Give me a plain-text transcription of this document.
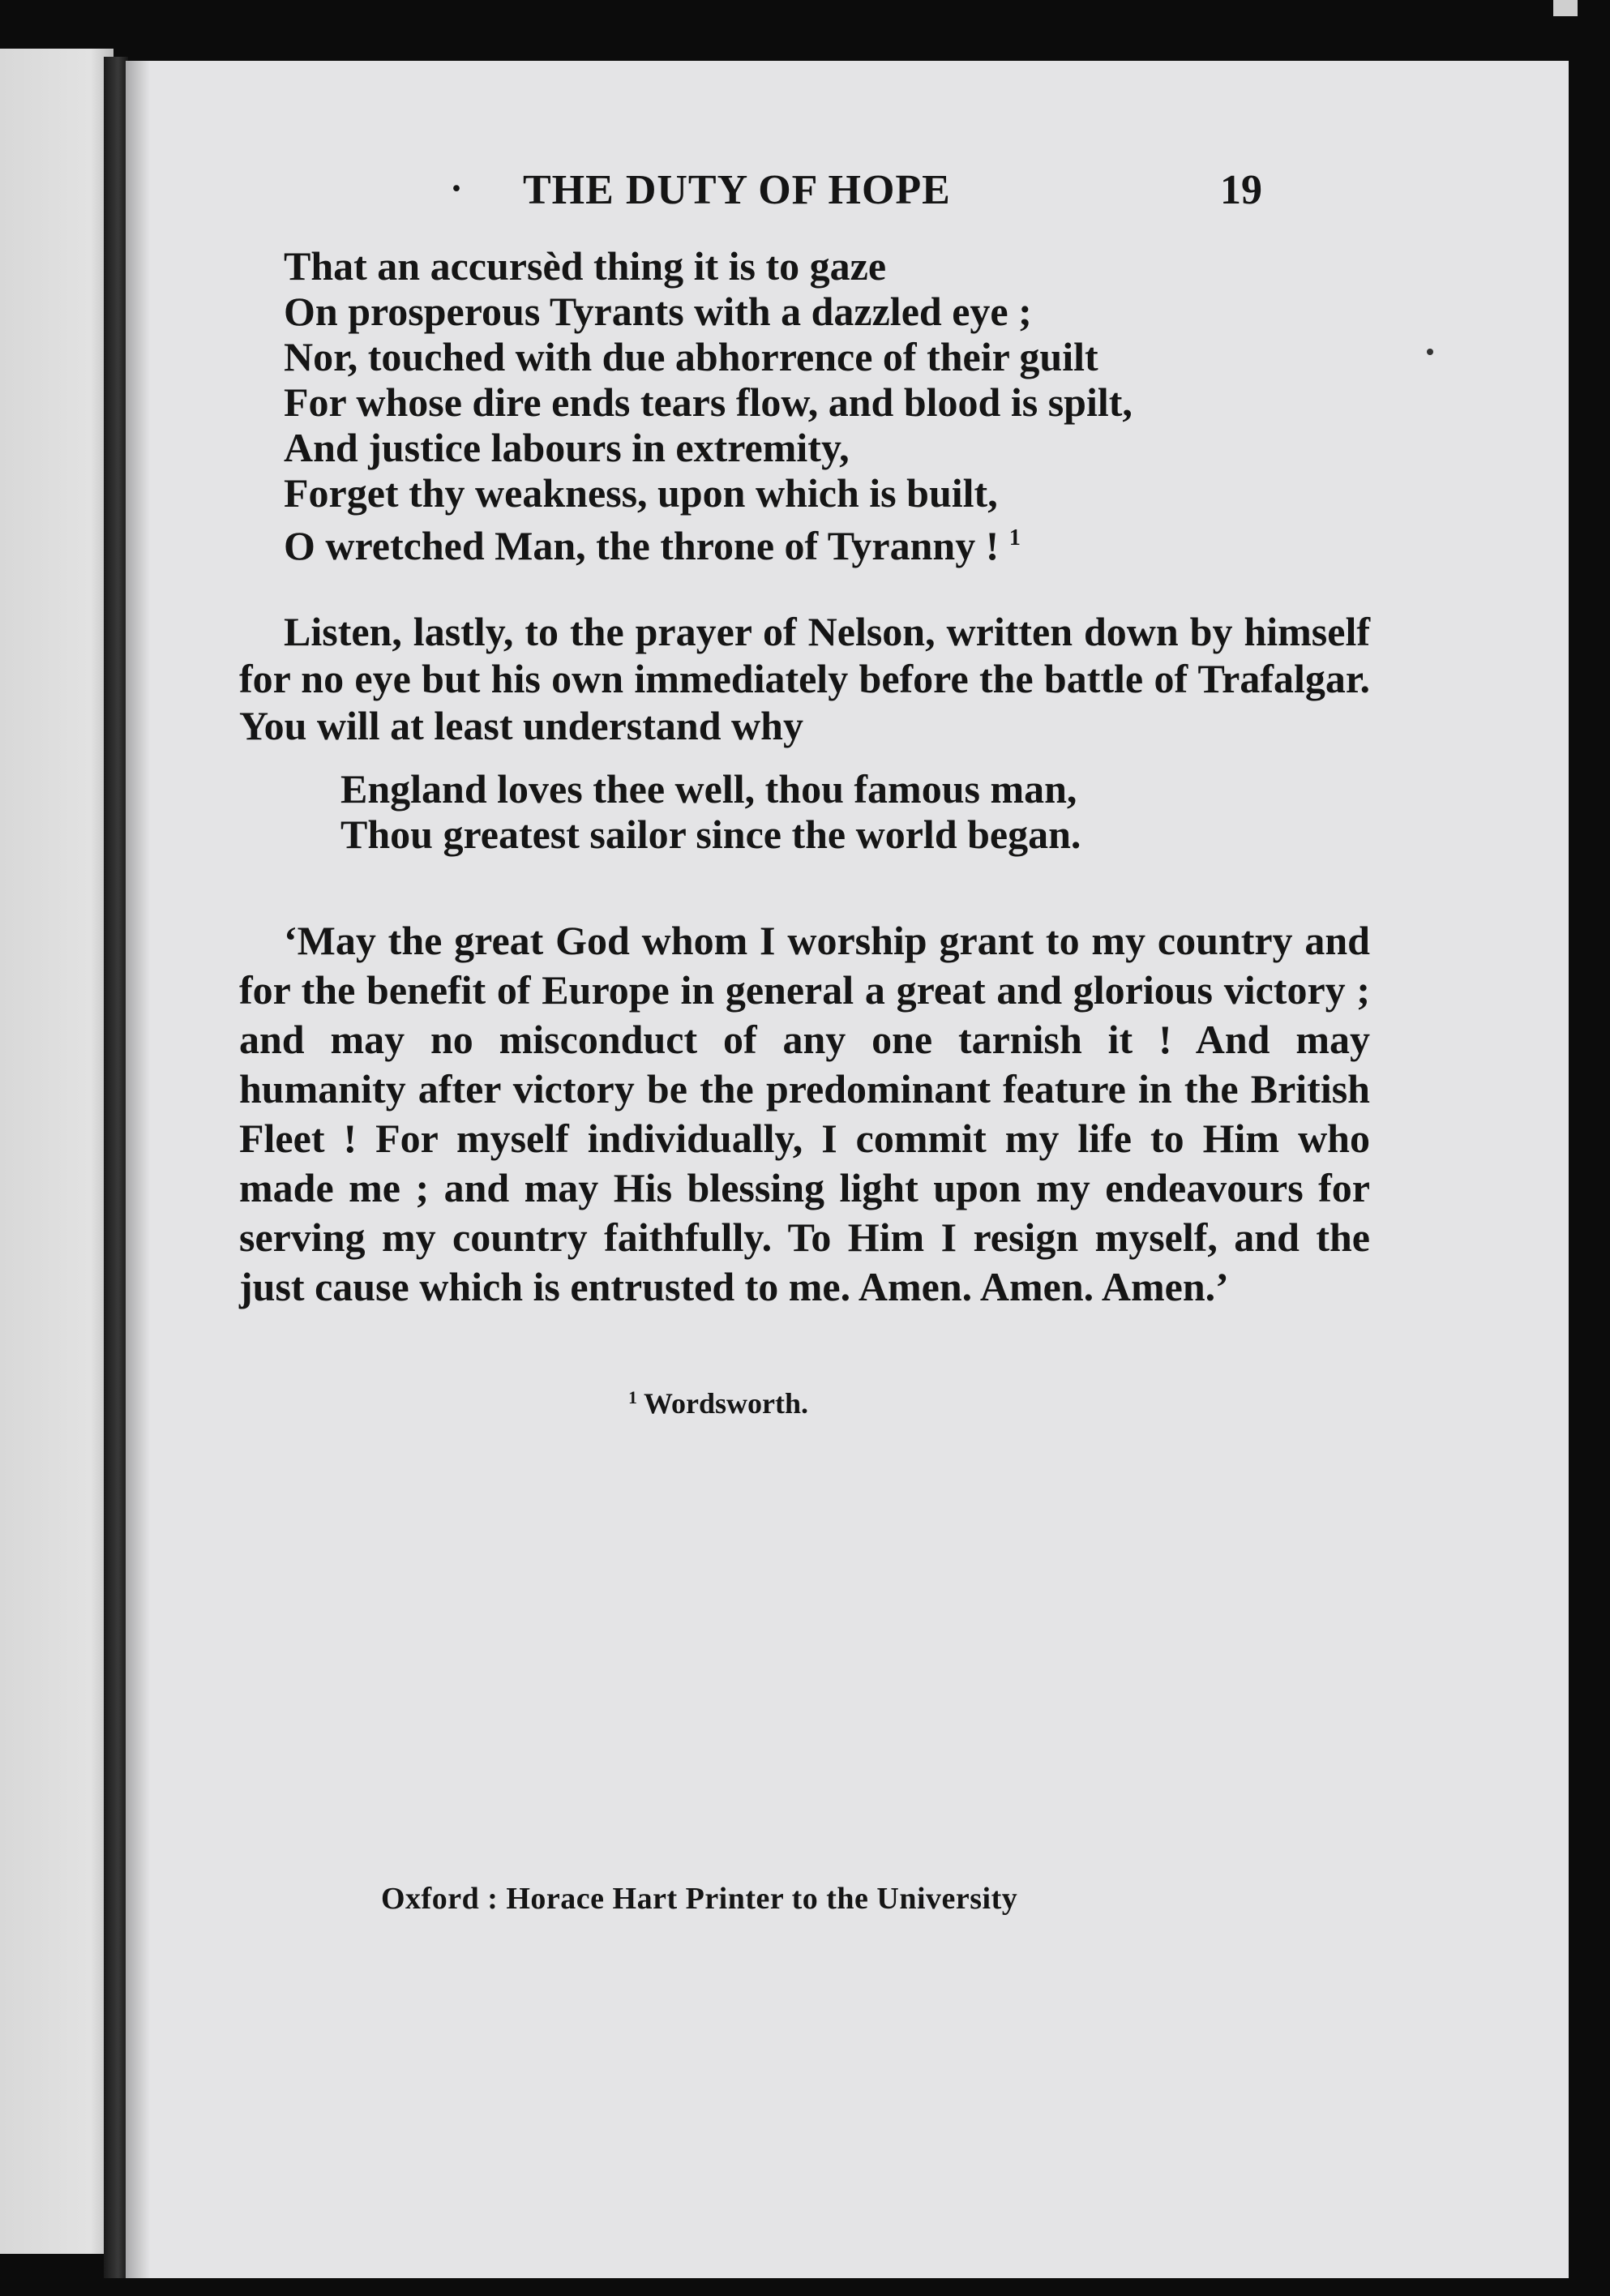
· THE DUTY OF HOPE	19
That an accursèd thing it is to gaze
On prosperous Tyrants with a dazzled eye ;
Nor, touched with due abhorrence of their guilt
For whose dire ends tears flow, and blood is spilt,
And justice labours in extremity,
Forget thy weakness, upon which is built,
O wretched Man, the throne of Tyranny ! $^1$

Listen, lastly, to the prayer of Nelson, written down by himself for no eye but his own immediately before the battle of Trafalgar. You will at least understand why

England loves thee well, thou famous man,
Thou greatest sailor since the world began.

‘May the great God whom I worship grant to my country and for the benefit of Europe in general a great and glorious victory ; and may no misconduct of any one tarnish it ! And may humanity after victory be the predominant feature in the British Fleet ! For myself individually, I commit my life to Him who made me ; and may His blessing light upon my endeavours for serving my country faithfully. To Him I resign myself, and the just cause which is entrusted to me. Amen. Amen. Amen.’

$^1$ Wordsworth.
Oxford : Horace Hart Printer to the University
